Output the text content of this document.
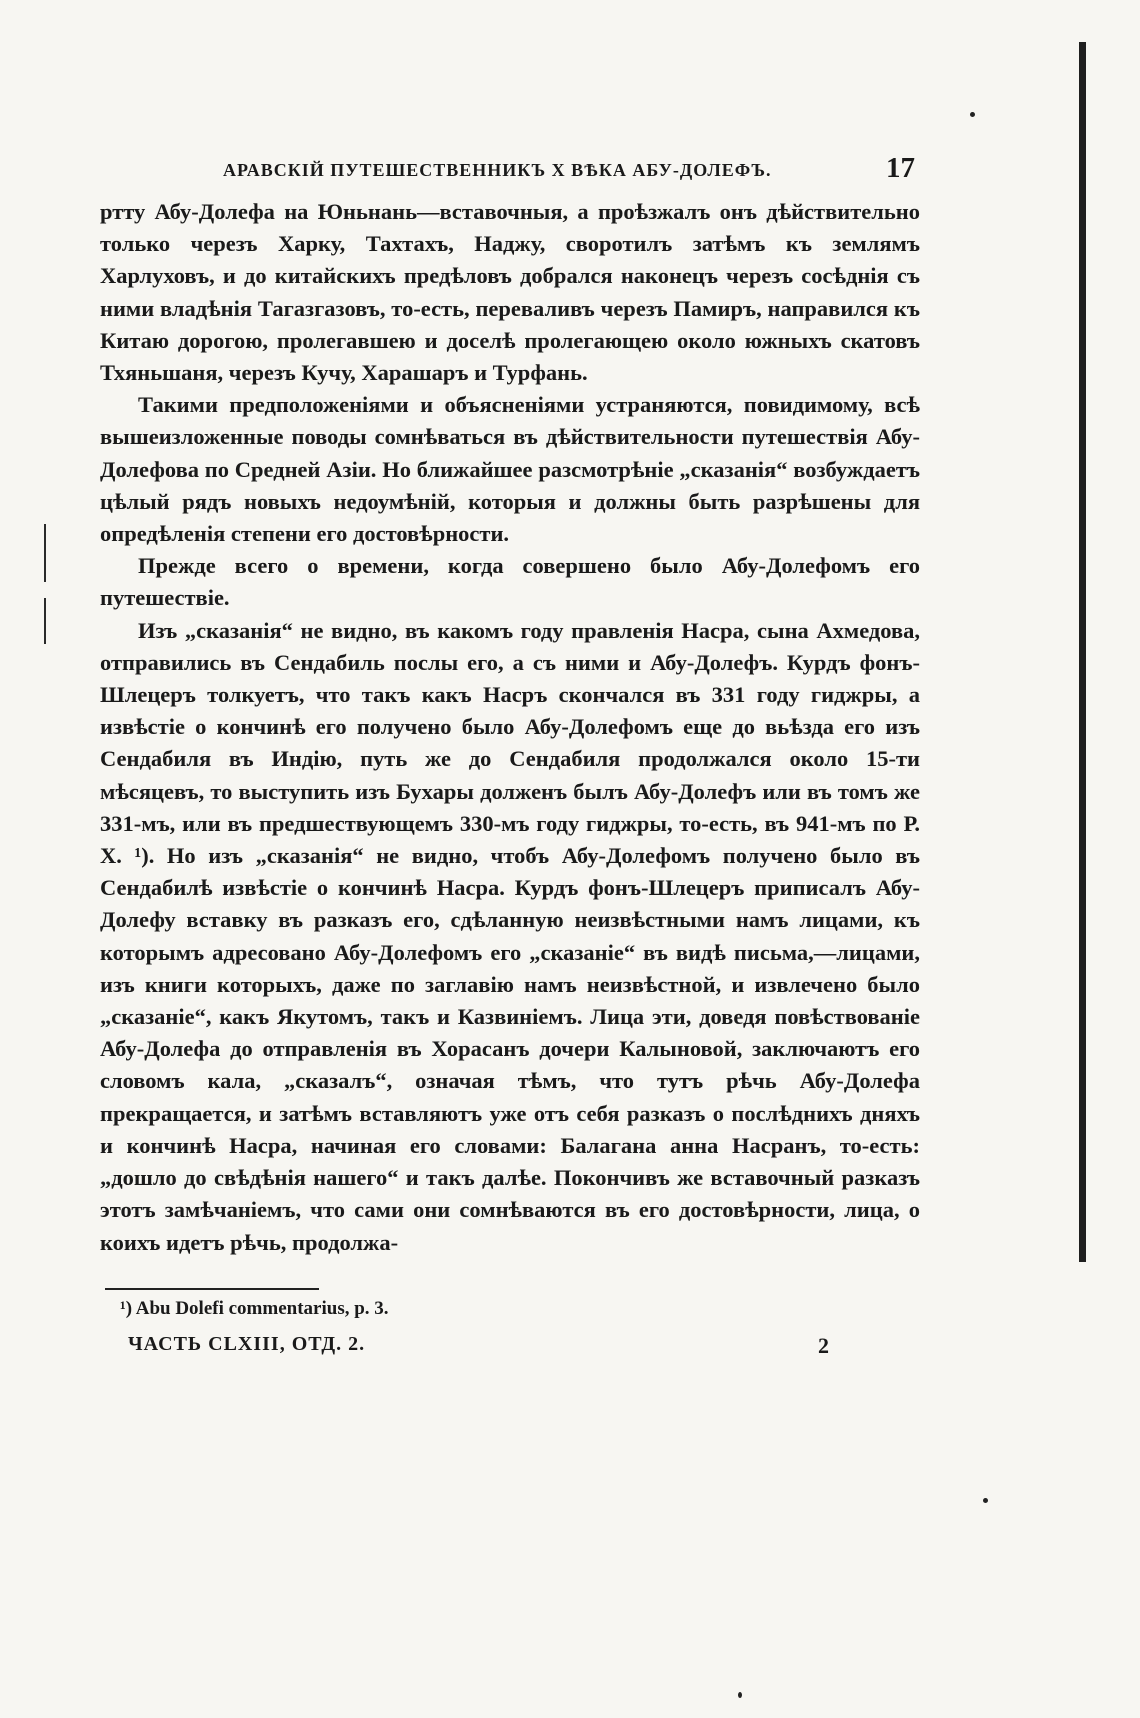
АРАВСКІЙ ПУТЕШЕСТВЕННИКЪ X ВѢКА АБУ-ДОЛЕФЪ.	17

ртту Абу-Долефа на Юньнань—вставочныя, а проѣзжалъ онъ дѣйствительно только черезъ Харку, Тахтахъ, Наджу, своротилъ затѣмъ къ землямъ Харлуховъ, и до китайскихъ предѣловъ добрался наконецъ черезъ сосѣднія съ ними владѣнія Тагазгазовъ, то-есть, переваливъ черезъ Памиръ, направился къ Китаю дорогою, пролегавшею и доселѣ пролегающею около южныхъ скатовъ Тхяньшаня, черезъ Кучу, Харашаръ и Турфань.

Такими предположеніями и объясненіями устраняются, повидимому, всѣ вышеизложенные поводы сомнѣваться въ дѣйствительности путешествія Абу-Долефова по Средней Азіи. Но ближайшее разсмотрѣніе „сказанія“ возбуждаетъ цѣлый рядъ новыхъ недоумѣній, которыя и должны быть разрѣшены для опредѣленія степени его достовѣрности.

Прежде всего о времени, когда совершено было Абу-Долефомъ его путешествіе.

Изъ „сказанія“ не видно, въ какомъ году правленія Насра, сына Ахмедова, отправились въ Сендабиль послы его, а съ ними и Абу-Долефъ. Курдъ фонъ-Шлецеръ толкуетъ, что такъ какъ Насръ скончался въ 331 году гиджры, а извѣстіе о кончинѣ его получено было Абу-Долефомъ еще до вьѣзда его изъ Сендабиля въ Индію, путь же до Сендабиля продолжался около 15-ти мѣсяцевъ, то выступить изъ Бухары долженъ былъ Абу-Долефъ или въ томъ же 331-мъ, или въ предшествующемъ 330-мъ году гиджры, то-есть, въ 941-мъ по Р. Х. ¹). Но изъ „сказанія“ не видно, чтобъ Абу-Долефомъ получено было въ Сендабилѣ извѣстіе о кончинѣ Насра. Курдъ фонъ-Шлецеръ приписалъ Абу-Долефу вставку въ разказъ его, сдѣланную неизвѣстными намъ лицами, къ которымъ адресовано Абу-Долефомъ его „сказаніе“ въ видѣ письма,—лицами, изъ книги которыхъ, даже по заглавію намъ неизвѣстной, и извлечено было „сказаніе“, какъ Якутомъ, такъ и Казвиніемъ. Лица эти, доведя повѣствованіе Абу-Долефа до отправленія въ Хорасанъ дочери Калыновой, заключаютъ его словомъ кала, „сказалъ“, означая тѣмъ, что тутъ рѣчь Абу-Долефа прекращается, и затѣмъ вставляютъ уже отъ себя разказъ о послѣднихъ дняхъ и кончинѣ Насра, начиная его словами: Балагана анна Насранъ, то-есть: „дошло до свѣдѣнія нашего“ и такъ далѣе. Покончивъ же вставочный разказъ этотъ замѣчаніемъ, что сами они сомнѣваются въ его достовѣрности, лица, о коихъ идетъ рѣчь, продолжа-

¹) Abu Dolefi commentarius, p. 3.
ЧАСТЬ CLXIII, ОТД. 2.	2
